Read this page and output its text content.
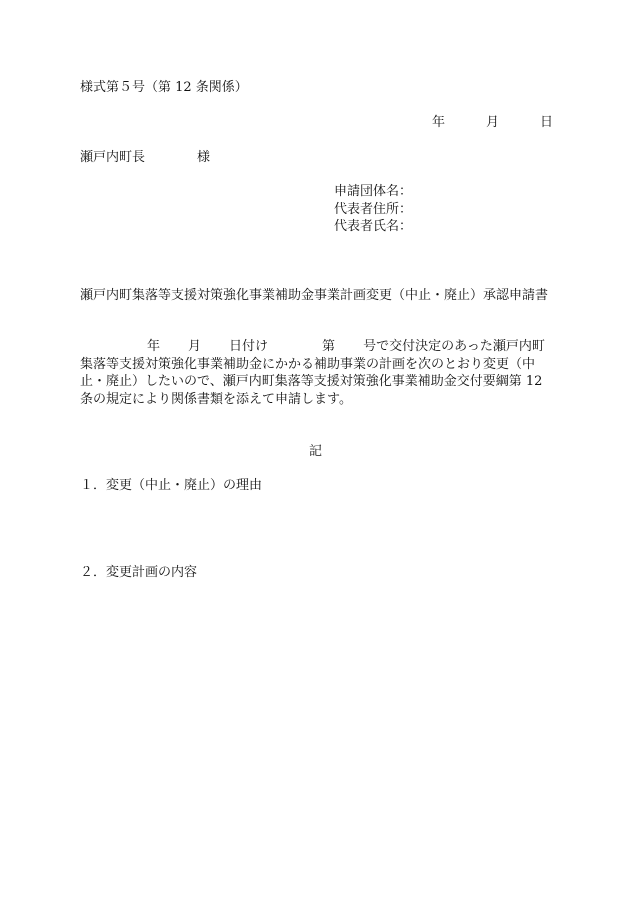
様式第５号（第 12 条関係）
年	月	日
瀬戸内町長	様
申請団体名：
代表者住所：
代表者氏名：
瀬戸内町集落等支援対策強化事業補助金事業計画変更（中止・廃止）承認申請書
年 月 日付け	第 号で交付決定のあった瀬戸内町
集落等支援対策強化事業補助金にかかる補助事業の計画を次のとおり変更（中
止・廃止）したいので、瀬戸内町集落等支援対策強化事業補助金交付要綱第 12
条の規定により関係書類を添えて申請します。
記
１．変更（中止・廃止）の理由
２．変更計画の内容
